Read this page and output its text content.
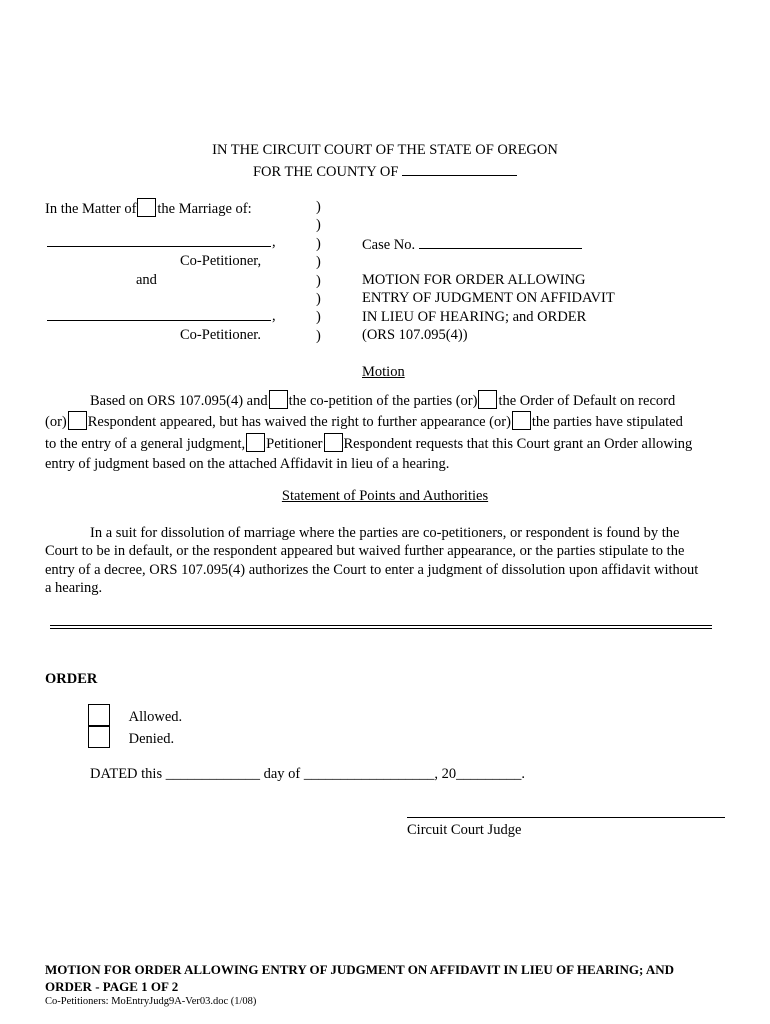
IN THE CIRCUIT COURT OF THE STATE OF OREGON
FOR THE COUNTY OF
In the Matter of the Marriage of:
,
Co-Petitioner,
and
,
Co-Petitioner.
)
)
)
)
)
)
)
)
Case No.
MOTION FOR ORDER ALLOWING
ENTRY OF JUDGMENT ON AFFIDAVIT
IN LIEU OF HEARING; and ORDER
(ORS 107.095(4))
Motion
Based on ORS 107.095(4) and the co-petition of the parties (or) the Order of Default on record
(or) Respondent appeared, but has waived the right to further appearance (or) the parties have stipulated
to the entry of a general judgment, Petitioner Respondent requests that this Court grant an Order allowing
entry of judgment based on the attached Affidavit in lieu of a hearing.
Statement of Points and Authorities
In a suit for dissolution of marriage where the parties are co-petitioners, or respondent is found by the
Court to be in default, or the respondent appeared but waived further appearance, or the parties stipulate to the
entry of a decree, ORS 107.095(4) authorizes the Court to enter a judgment of dissolution upon affidavit without
a hearing.
ORDER
Allowed.
Denied.
DATED this _____________ day of __________________, 20_________.
Circuit Court Judge
MOTION FOR ORDER ALLOWING ENTRY OF JUDGMENT ON AFFIDAVIT IN LIEU OF HEARING; AND
ORDER - PAGE 1 OF 2
Co-Petitioners: MoEntryJudg9A-Ver03.doc (1/08)
